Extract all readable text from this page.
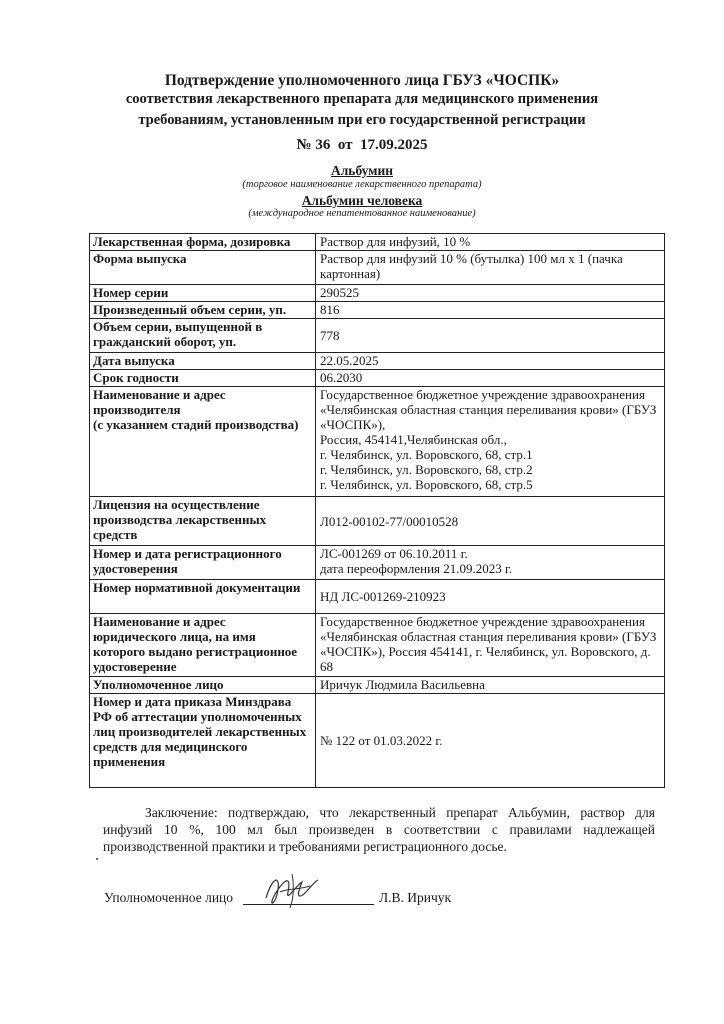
Подтверждение уполномоченного лица ГБУЗ «ЧОСПК»
соответствия лекарственного препарата для медицинского применения
требованиям, установленным при его государственной регистрации
№ 36  от  17.09.2025
Альбумин
(торговое наименование лекарственного препарата)
Альбумин человека
(международное непатентованное наименование)
Лекарственная форма, дозировка	Раствор для инфузий, 10 %
Форма выпуска	Раствор для инфузий 10 % (бутылка) 100 мл x 1 (пачка картонная)
Номер серии	290525
Произведенный объем серии, уп.	816
Объем серии, выпущенной в гражданский оборот, уп.	778
Дата выпуска	22.05.2025
Срок годности	06.2030
Наименование и адрес производителя
(с указанием стадий производства)	Государственное бюджетное учреждение здравоохранения «Челябинская областная станция переливания крови» (ГБУЗ «ЧОСПК»),
Россия, 454141,Челябинская обл.,
г. Челябинск, ул. Воровского, 68, стр.1
г. Челябинск, ул. Воровского, 68, стр.2
г. Челябинск, ул. Воровского, 68, стр.5
Лицензия на осуществление производства лекарственных средств	Л012-00102-77/00010528
Номер и дата регистрационного удостоверения	ЛС-001269 от 06.10.2011 г.
дата переоформления 21.09.2023 г.
Номер нормативной документации	НД ЛС-001269-210923
Наименование и адрес юридического лица, на имя которого выдано регистрационное удостоверение	Государственное бюджетное учреждение здравоохранения «Челябинская областная станция переливания крови» (ГБУЗ «ЧОСПК»), Россия 454141, г. Челябинск, ул. Воровского, д. 68
Уполномоченное лицо	Иричук Людмила Васильевна
Номер и дата приказа Минздрава РФ об аттестации уполномоченных лиц производителей лекарственных средств для медицинского применения	№ 122 от 01.03.2022 г.
Заключение: подтверждаю, что лекарственный препарат Альбумин, раствор для инфузий 10 %, 100 мл был произведен в соответствии с правилами надлежащей производственной практики и требованиями регистрационного досье.
Уполномоченное лицо	Л.В. Иричук
